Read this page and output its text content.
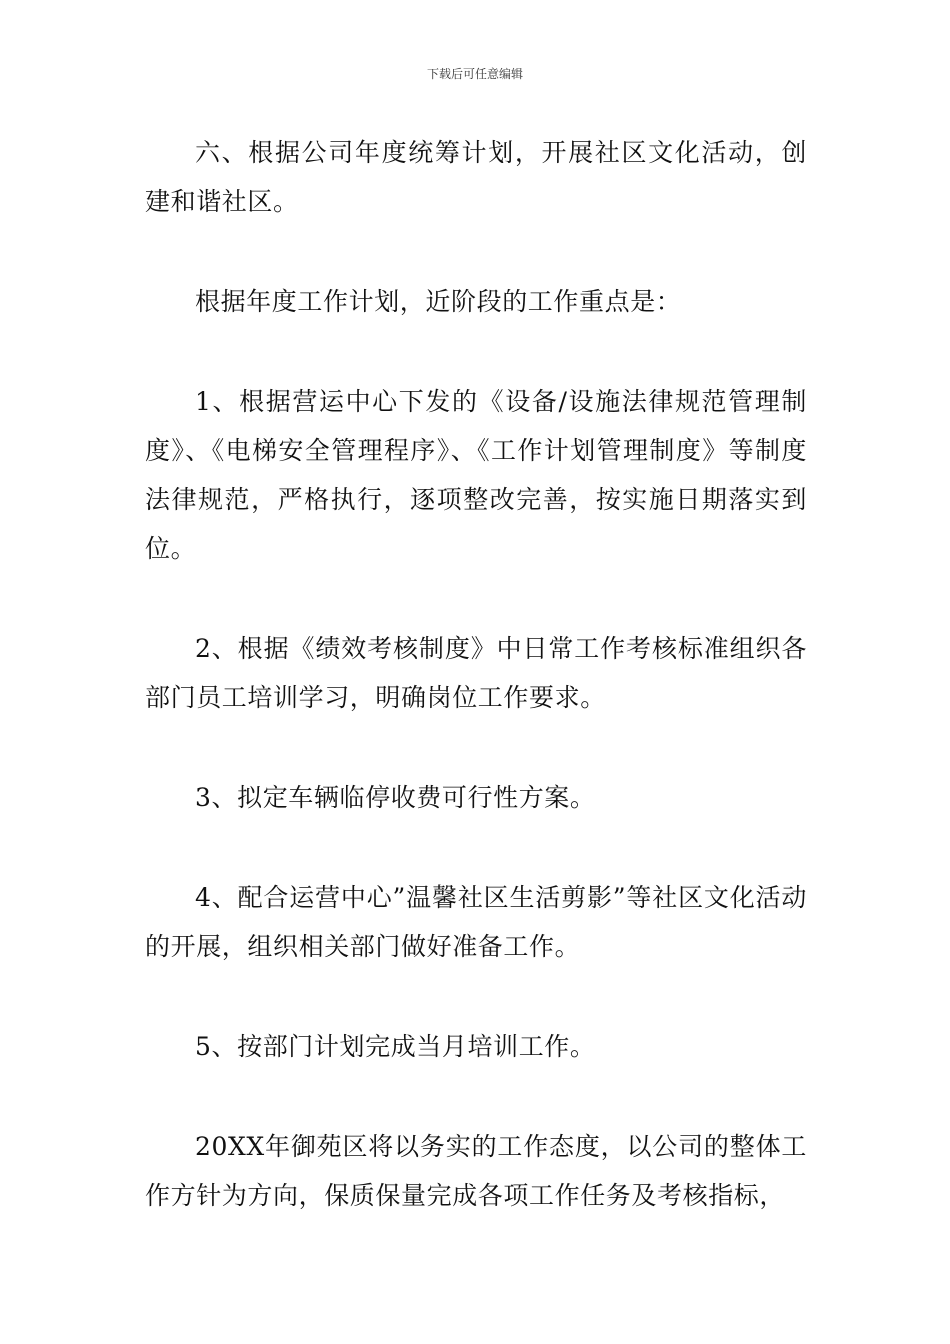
下载后可任意编辑

六、根据公司年度统筹计划，开展社区文化活动，创建和谐社区。

根据年度工作计划，近阶段的工作重点是：

1、根据营运中心下发的《设备/设施法律规范管理制度》、《电梯安全管理程序》、《工作计划管理制度》等制度法律规范，严格执行，逐项整改完善，按实施日期落实到位。

2、根据《绩效考核制度》中日常工作考核标准组织各部门员工培训学习，明确岗位工作要求。

3、拟定车辆临停收费可行性方案。

4、配合运营中心”温馨社区生活剪影”等社区文化活动的开展，组织相关部门做好准备工作。

5、按部门计划完成当月培训工作。

20XX年御苑区将以务实的工作态度，以公司的整体工作方针为方向，保质保量完成各项工作任务及考核指标，
